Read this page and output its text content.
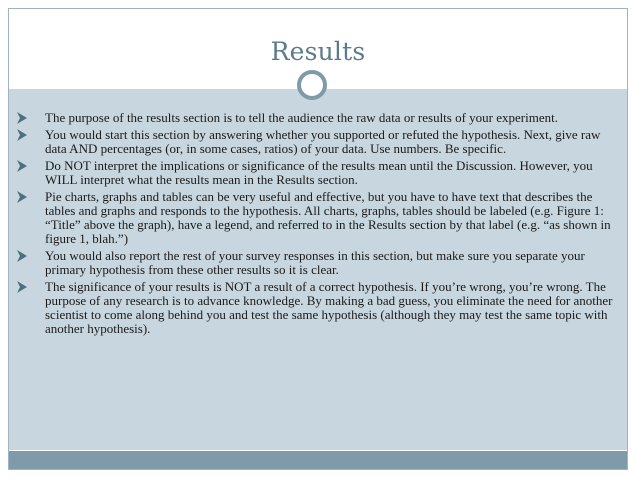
Results
The purpose of the results section is to tell the audience the raw data or results of your experiment.
You would start this section by answering whether you supported or refuted the hypothesis. Next, give raw data AND percentages (or, in some cases, ratios) of your data. Use numbers. Be specific.
Do NOT interpret the implications or significance of the results mean until the Discussion. However, you WILL interpret what the results mean in the Results section.
Pie charts, graphs and tables can be very useful and effective, but you have to have text that describes the tables and graphs and responds to the hypothesis. All charts, graphs, tables should be labeled (e.g. Figure 1: “Title” above the graph), have a legend, and referred to in the Results section by that label (e.g. “as shown in figure 1, blah.”)
You would also report the rest of your survey responses in this section, but make sure you separate your primary hypothesis from these other results so it is clear.
The significance of your results is NOT a result of a correct hypothesis. If you’re wrong, you’re wrong. The purpose of any research is to advance knowledge. By making a bad guess, you eliminate the need for another scientist to come along behind you and test the same hypothesis (although they may test the same topic with another hypothesis).
